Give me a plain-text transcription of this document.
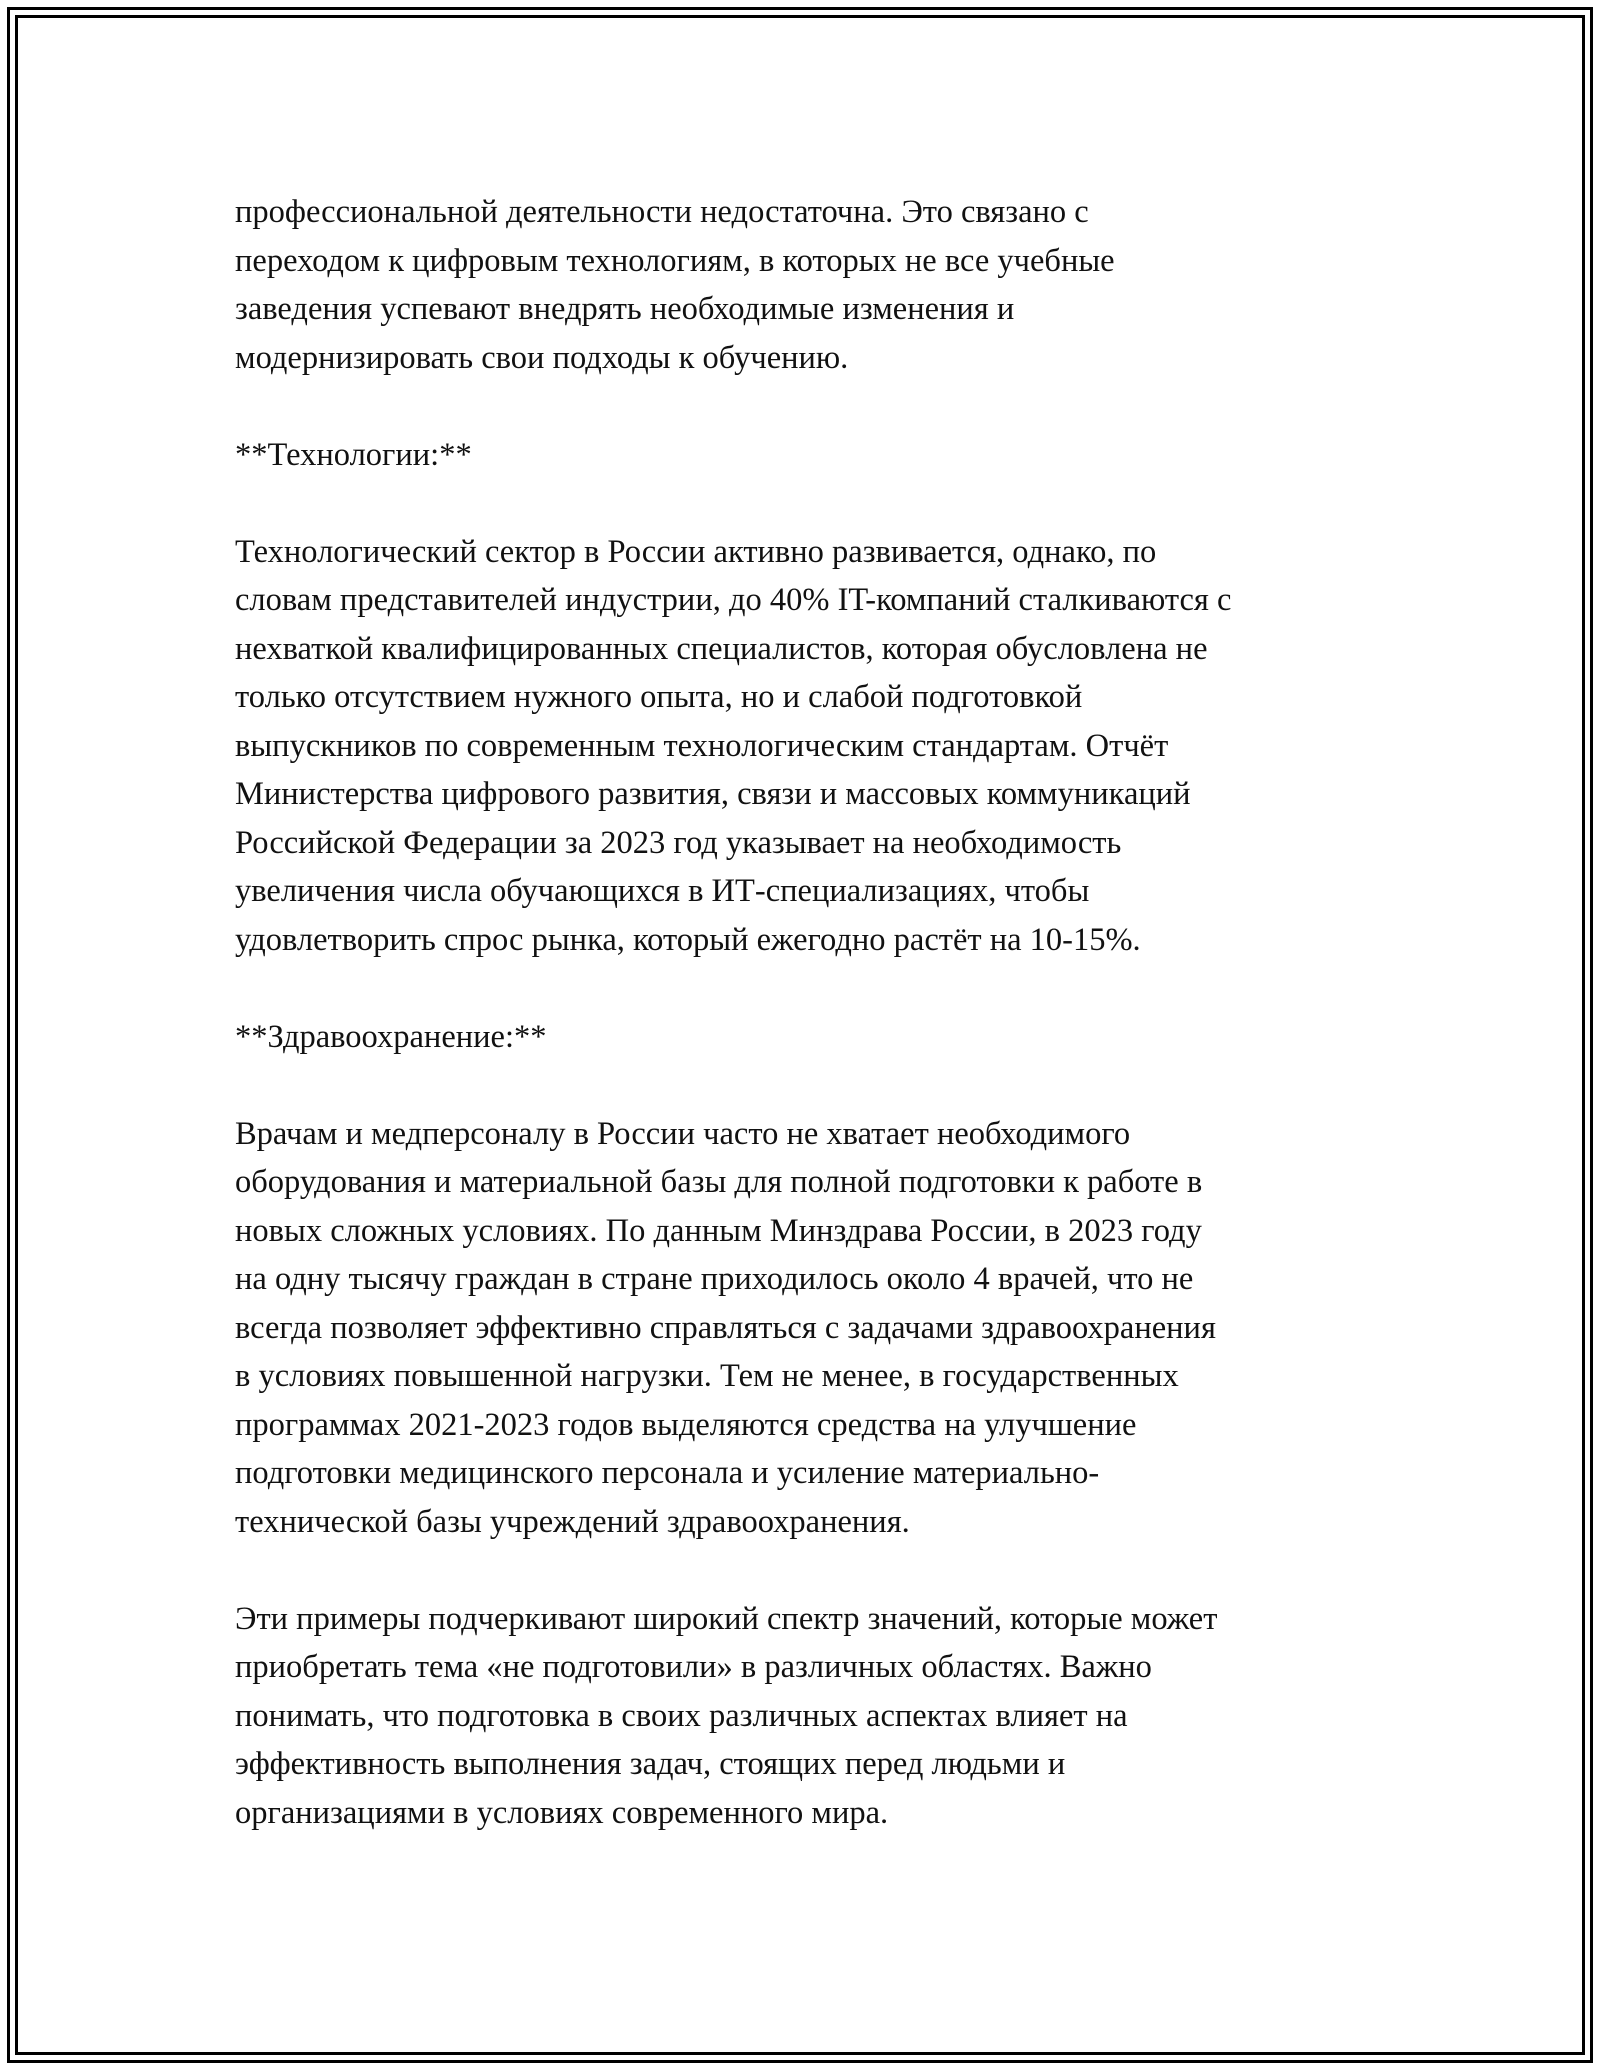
профессиональной деятельности недостаточна. Это связано с
переходом к цифровым технологиям, в которых не все учебные
заведения успевают внедрять необходимые изменения и
модернизировать свои подходы к обучению.
**Технологии:**
Технологический сектор в России активно развивается, однако, по
словам представителей индустрии, до 40% IT-компаний сталкиваются с
нехваткой квалифицированных специалистов, которая обусловлена не
только отсутствием нужного опыта, но и слабой подготовкой
выпускников по современным технологическим стандартам. Отчёт
Министерства цифрового развития, связи и массовых коммуникаций
Российской Федерации за 2023 год указывает на необходимость
увеличения числа обучающихся в ИТ-специализациях, чтобы
удовлетворить спрос рынка, который ежегодно растёт на 10-15%.
**Здравоохранение:**
Врачам и медперсоналу в России часто не хватает необходимого
оборудования и материальной базы для полной подготовки к работе в
новых сложных условиях. По данным Минздрава России, в 2023 году
на одну тысячу граждан в стране приходилось около 4 врачей, что не
всегда позволяет эффективно справляться с задачами здравоохранения
в условиях повышенной нагрузки. Тем не менее, в государственных
программах 2021-2023 годов выделяются средства на улучшение
подготовки медицинского персонала и усиление материально-
технической базы учреждений здравоохранения.
Эти примеры подчеркивают широкий спектр значений, которые может
приобретать тема «не подготовили» в различных областях. Важно
понимать, что подготовка в своих различных аспектах влияет на
эффективность выполнения задач, стоящих перед людьми и
организациями в условиях современного мира.
